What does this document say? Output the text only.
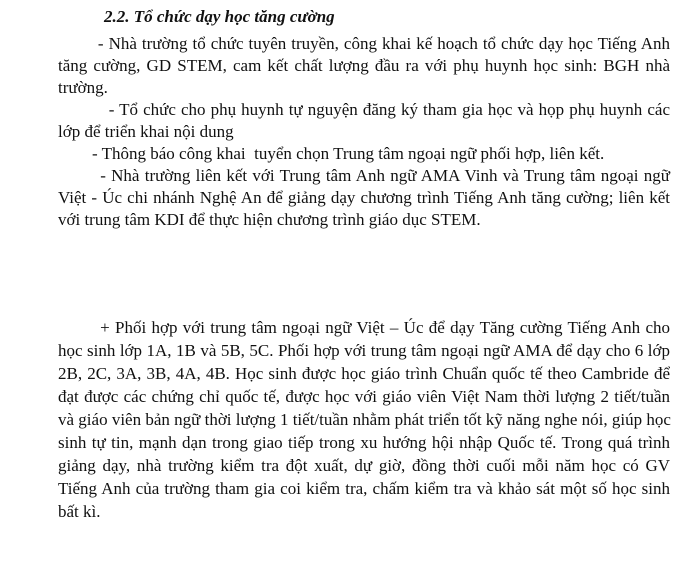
2.2. Tổ chức dạy học tăng cường
- Nhà trường tổ chức tuyên truyền, công khai kế hoạch tổ chức dạy học Tiếng Anh
tăng cường, GD STEM, cam kết chất lượng đầu ra với phụ huynh học sinh: BGH nhà
trường.
- Tổ chức cho phụ huynh tự nguyện đăng ký tham gia học và họp phụ huynh các
lớp để triển khai nội dung
- Thông báo công khai  tuyển chọn Trung tâm ngoại ngữ phối hợp, liên kết.
- Nhà trường liên kết với Trung tâm Anh ngữ AMA Vinh và Trung tâm ngoại ngữ
Việt - Úc chi nhánh Nghệ An để giảng dạy chương trình Tiếng Anh tăng cường; liên kết
với trung tâm KDI để thực hiện chương trình giáo dục STEM.
+ Phối hợp với trung tâm ngoại ngữ Việt – Úc để dạy Tăng cường Tiếng Anh cho
học sinh lớp 1A, 1B và 5B, 5C. Phối hợp với trung tâm ngoại ngữ AMA để dạy cho 6 lớp
2B, 2C, 3A, 3B, 4A, 4B. Học sinh được học giáo trình Chuẩn quốc tế theo Cambride để
đạt được các chứng chỉ quốc tế, được học với giáo viên Việt Nam thời lượng 2 tiết/tuần
và giáo viên bản ngữ thời lượng 1 tiết/tuần nhằm phát triển tốt kỹ năng nghe nói, giúp học
sinh tự tin, mạnh dạn trong giao tiếp trong xu hướng hội nhập Quốc tế. Trong quá trình
giảng dạy, nhà trường kiểm tra đột xuất, dự giờ, đồng thời cuối mỗi năm học có GV
Tiếng Anh của trường tham gia coi kiểm tra, chấm kiểm tra và khảo sát một số học sinh
bất kì.
